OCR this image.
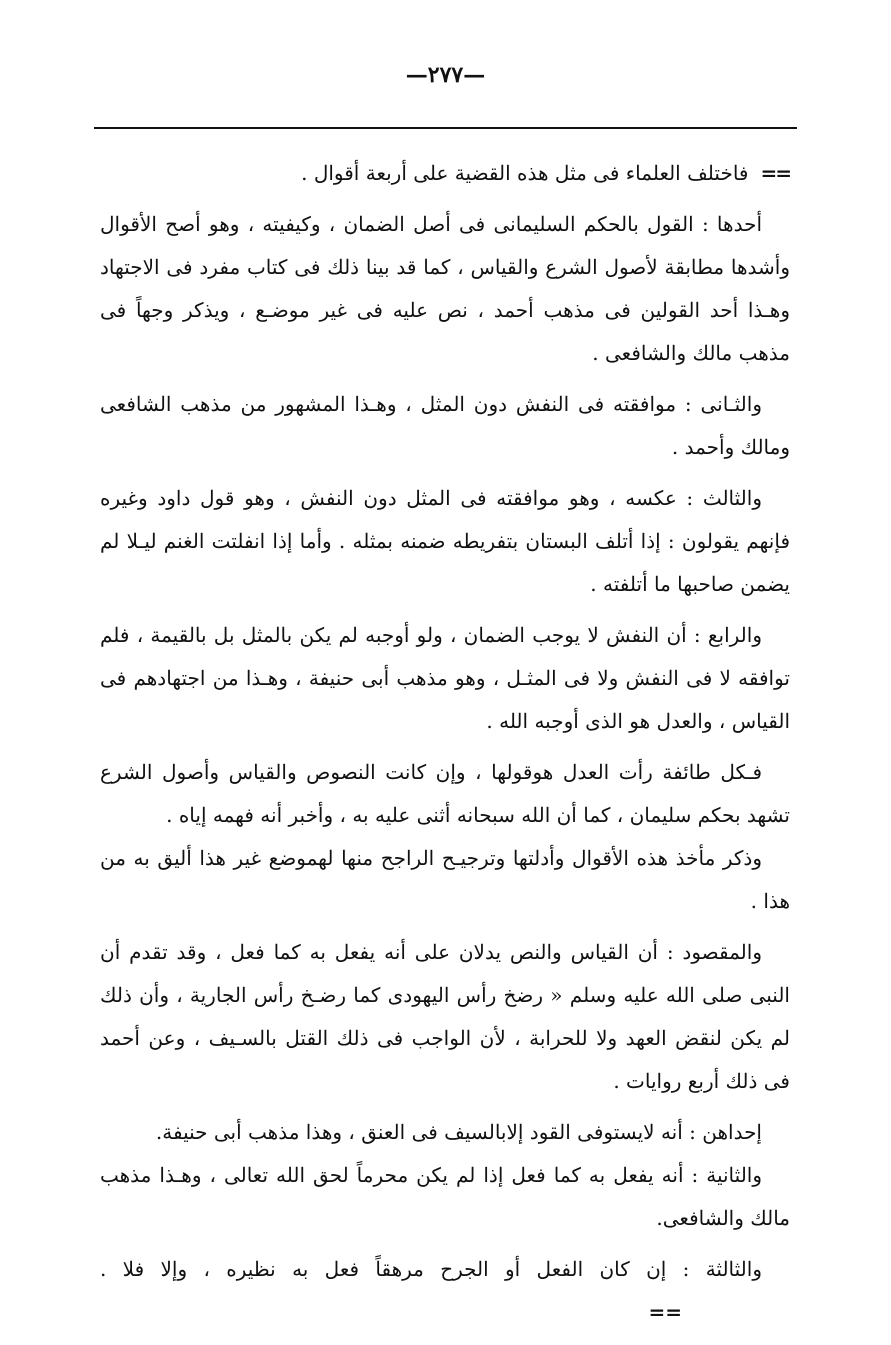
—٢٧٧—

==فاختلف العلماء فى مثل هذه القضية على أربعة أقوال .

أحدها : القول بالحكم السليمانى فى أصل الضمان ، وكيفيته ، وهو أصح الأقوال وأشدها مطابقة لأصول الشرع والقياس ، كما قد بينا ذلك فى كتاب مفرد فى الاجتهاد وهـذا أحد القولين فى مذهب أحمد ، نص عليه فى غير موضـع ، ويذكر وجهاً فى مذهب مالك والشافعى .

والثـانى : موافقته فى النفش دون المثل ، وهـذا المشهور من مذهب الشافعى ومالك وأحمد .

والثالث : عكسه ، وهو موافقته فى المثل دون النفش ، وهو قول داود وغيره فإنهم يقولون : إذا أتلف البستان بتفريطه ضمنه بمثله . وأما إذا انفلتت الغنم ليـلا لم يضمن صاحبها ما أتلفته .

والرابع : أن النفش لا يوجب الضمان ، ولو أوجبه لم يكن بالمثل بل بالقيمة ، فلم توافقه لا فى النفش ولا فى المثـل ، وهو مذهب أبى حنيفة ، وهـذا من اجتهادهم فى القياس ، والعدل هو الذى أوجبه الله .

فـكل طائفة رأت العدل هوقولها ، وإن كانت النصوص والقياس وأصول الشرع تشهد بحكم سليمان ، كما أن الله سبحانه أثنى عليه به ، وأخبر أنه فهمه إياه .

وذكر مأخذ هذه الأقوال وأدلتها وترجيـح الراجح منها لهموضع غير هذا أليق به من هذا .

والمقصود : أن القياس والنص يدلان على أنه يفعل به كما فعل ، وقد تقدم أن النبى صلى الله عليه وسلم « رضخ رأس اليهودى كما رضـخ رأس الجارية ، وأن ذلك لم يكن لنقض العهد ولا للحرابة ، لأن الواجب فى ذلك القتل بالسـيف ، وعن أحمد فى ذلك أربع روايات .

إحداهن : أنه لايستوفى القود إلابالسيف فى العنق ، وهذا مذهب أبى حنيفة.

والثانية : أنه يفعل به كما فعل إذا لم يكن محرماً لحق الله تعالى ، وهـذا مذهب مالك والشافعى.

والثالثة : إن كان الفعل أو الجرح مرهقاً فعل به نظيره ، وإلا فلا .==
